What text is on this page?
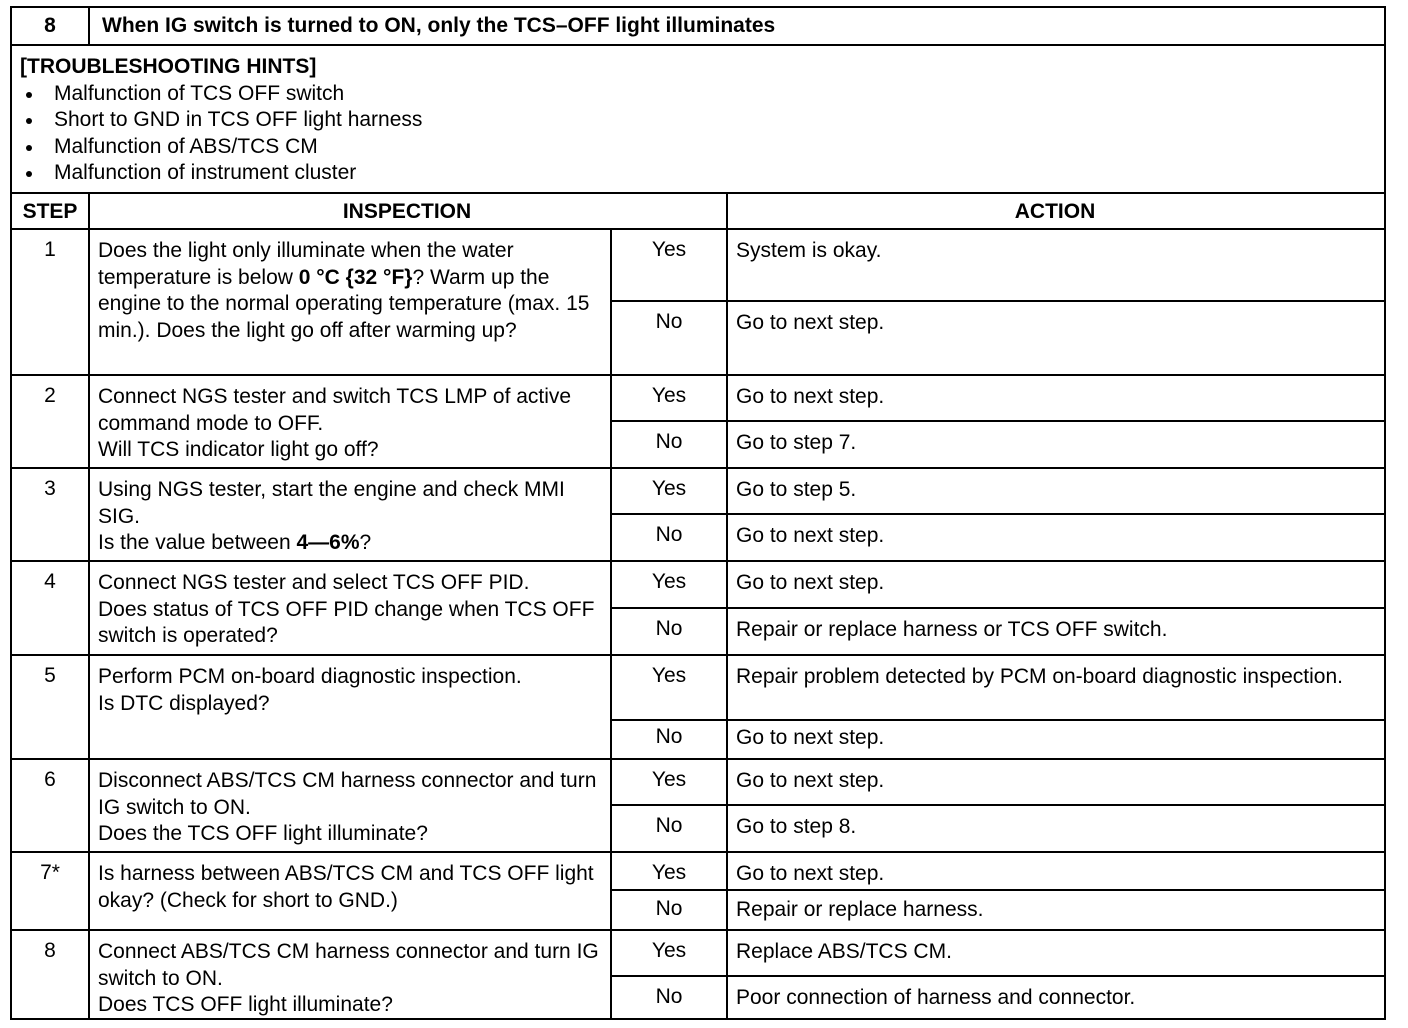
8	When IG switch is turned to ON, only the TCS–OFF light illuminates
[TROUBLESHOOTING HINTS]
Malfunction of TCS OFF switch
Short to GND in TCS OFF light harness
Malfunction of ABS/TCS CM
Malfunction of instrument cluster
STEP	INSPECTION	ACTION
1	Does the light only illuminate when the water temperature is below 0 °C {32 °F}? Warm up the engine to the normal operating temperature (max. 15 min.). Does the light go off after warming up?
Yes	System is okay.
No	Go to next step.
2	Connect NGS tester and switch TCS LMP of active command mode to OFF.
Will TCS indicator light go off?
Yes	Go to next step.
No	Go to step 7.
3	Using NGS tester, start the engine and check MMI SIG.
Is the value between 4—6%?
Yes	Go to step 5.
No	Go to next step.
4	Connect NGS tester and select TCS OFF PID.
Does status of TCS OFF PID change when TCS OFF switch is operated?
Yes	Go to next step.
No	Repair or replace harness or TCS OFF switch.
5	Perform PCM on-board diagnostic inspection.
Is DTC displayed?
Yes	Repair problem detected by PCM on-board diagnostic inspection.
No	Go to next step.
6	Disconnect ABS/TCS CM harness connector and turn IG switch to ON.
Does the TCS OFF light illuminate?
Yes	Go to next step.
No	Go to step 8.
7*	Is harness between ABS/TCS CM and TCS OFF light okay? (Check for short to GND.)
Yes	Go to next step.
No	Repair or replace harness.
8	Connect ABS/TCS CM harness connector and turn IG switch to ON.
Does TCS OFF light illuminate?
Yes	Replace ABS/TCS CM.
No	Poor connection of harness and connector.
